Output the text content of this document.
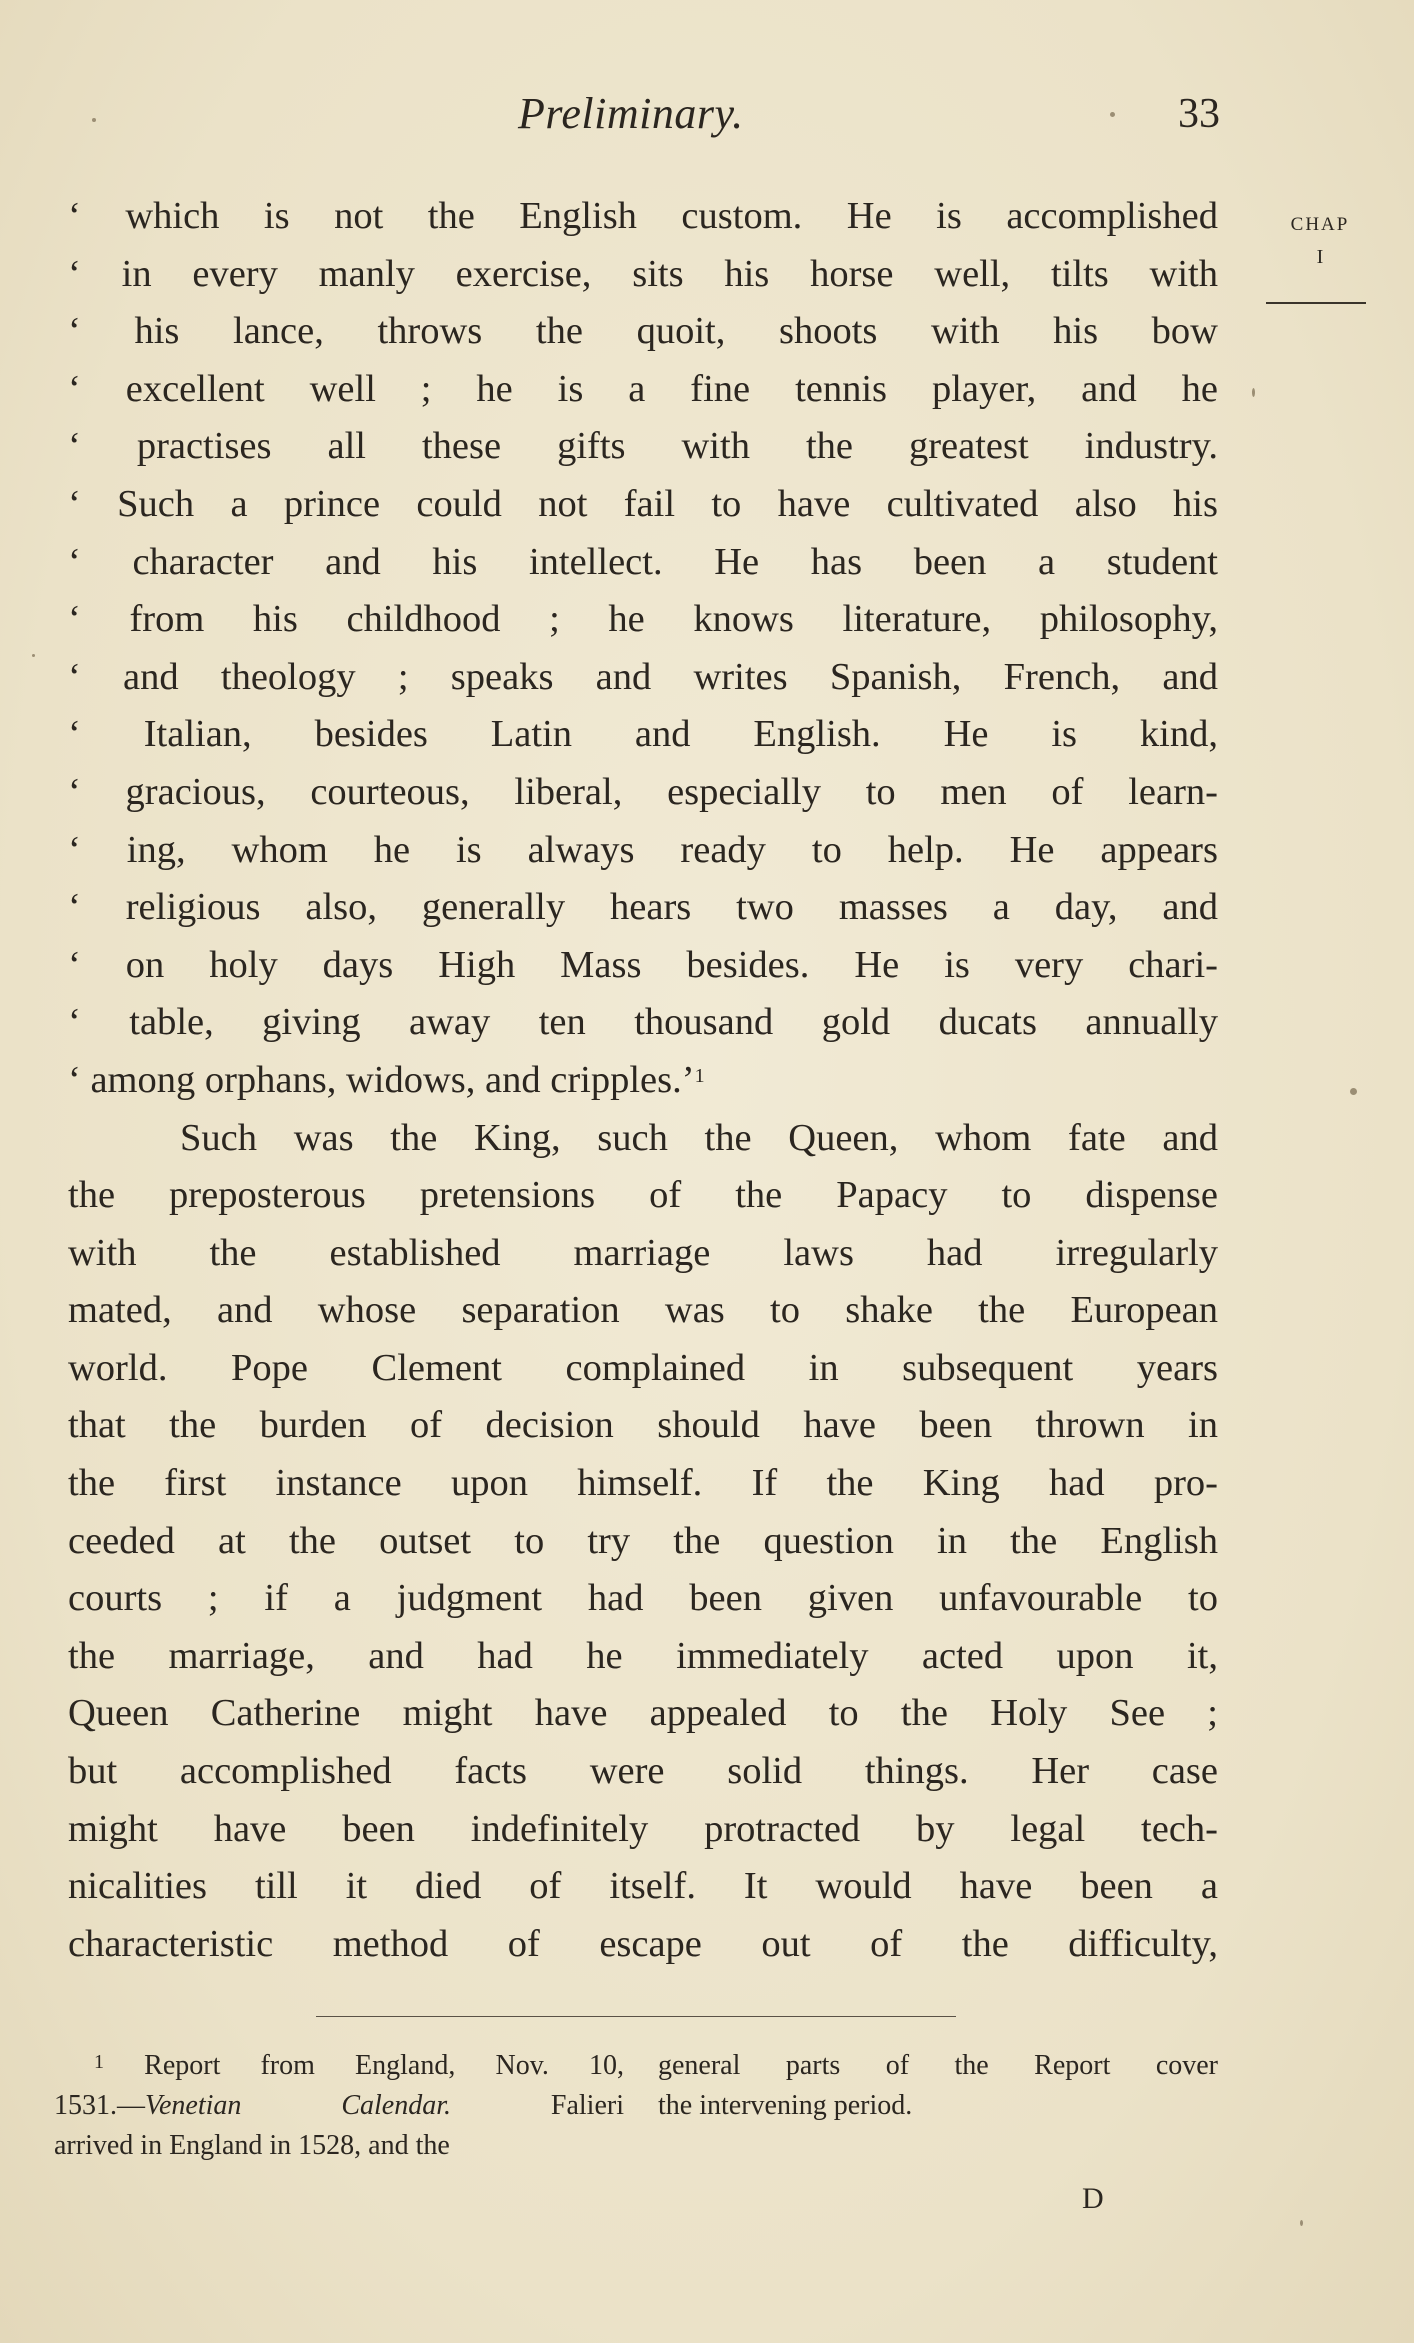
Preliminary.	33
CHAP
I
‘ which is not the English custom. He is accomplished
‘ in every manly exercise, sits his horse well, tilts with
‘ his lance, throws the quoit, shoots with his bow
‘ excellent well ; he is a fine tennis player, and he
‘ practises all these gifts with the greatest industry.
‘ Such a prince could not fail to have cultivated also his
‘ character and his intellect. He has been a student
‘ from his childhood ; he knows literature, philosophy,
‘ and theology ; speaks and writes Spanish, French, and
‘ Italian, besides Latin and English. He is kind,
‘ gracious, courteous, liberal, especially to men of learn-
‘ ing, whom he is always ready to help. He appears
‘ religious also, generally hears two masses a day, and
‘ on holy days High Mass besides. He is very chari-
‘ table, giving away ten thousand gold ducats annually
‘ among orphans, widows, and cripples.’$^1$
Such was the King, such the Queen, whom fate and
the preposterous pretensions of the Papacy to dispense
with the established marriage laws had irregularly
mated, and whose separation was to shake the European
world. Pope Clement complained in subsequent years
that the burden of decision should have been thrown in
the first instance upon himself. If the King had pro-
ceeded at the outset to try the question in the English
courts ; if a judgment had been given unfavourable to
the marriage, and had he immediately acted upon it,
Queen Catherine might have appealed to the Holy See ;
but accomplished facts were solid things. Her case
might have been indefinitely protracted by legal tech-
nicalities till it died of itself. It would have been a
characteristic method of escape out of the difficulty,
$^1$ Report from England, Nov. 10,
1531.—Venetian Calendar. Falieri
arrived in England in 1528, and the
general parts of the Report cover
the intervening period.
D
